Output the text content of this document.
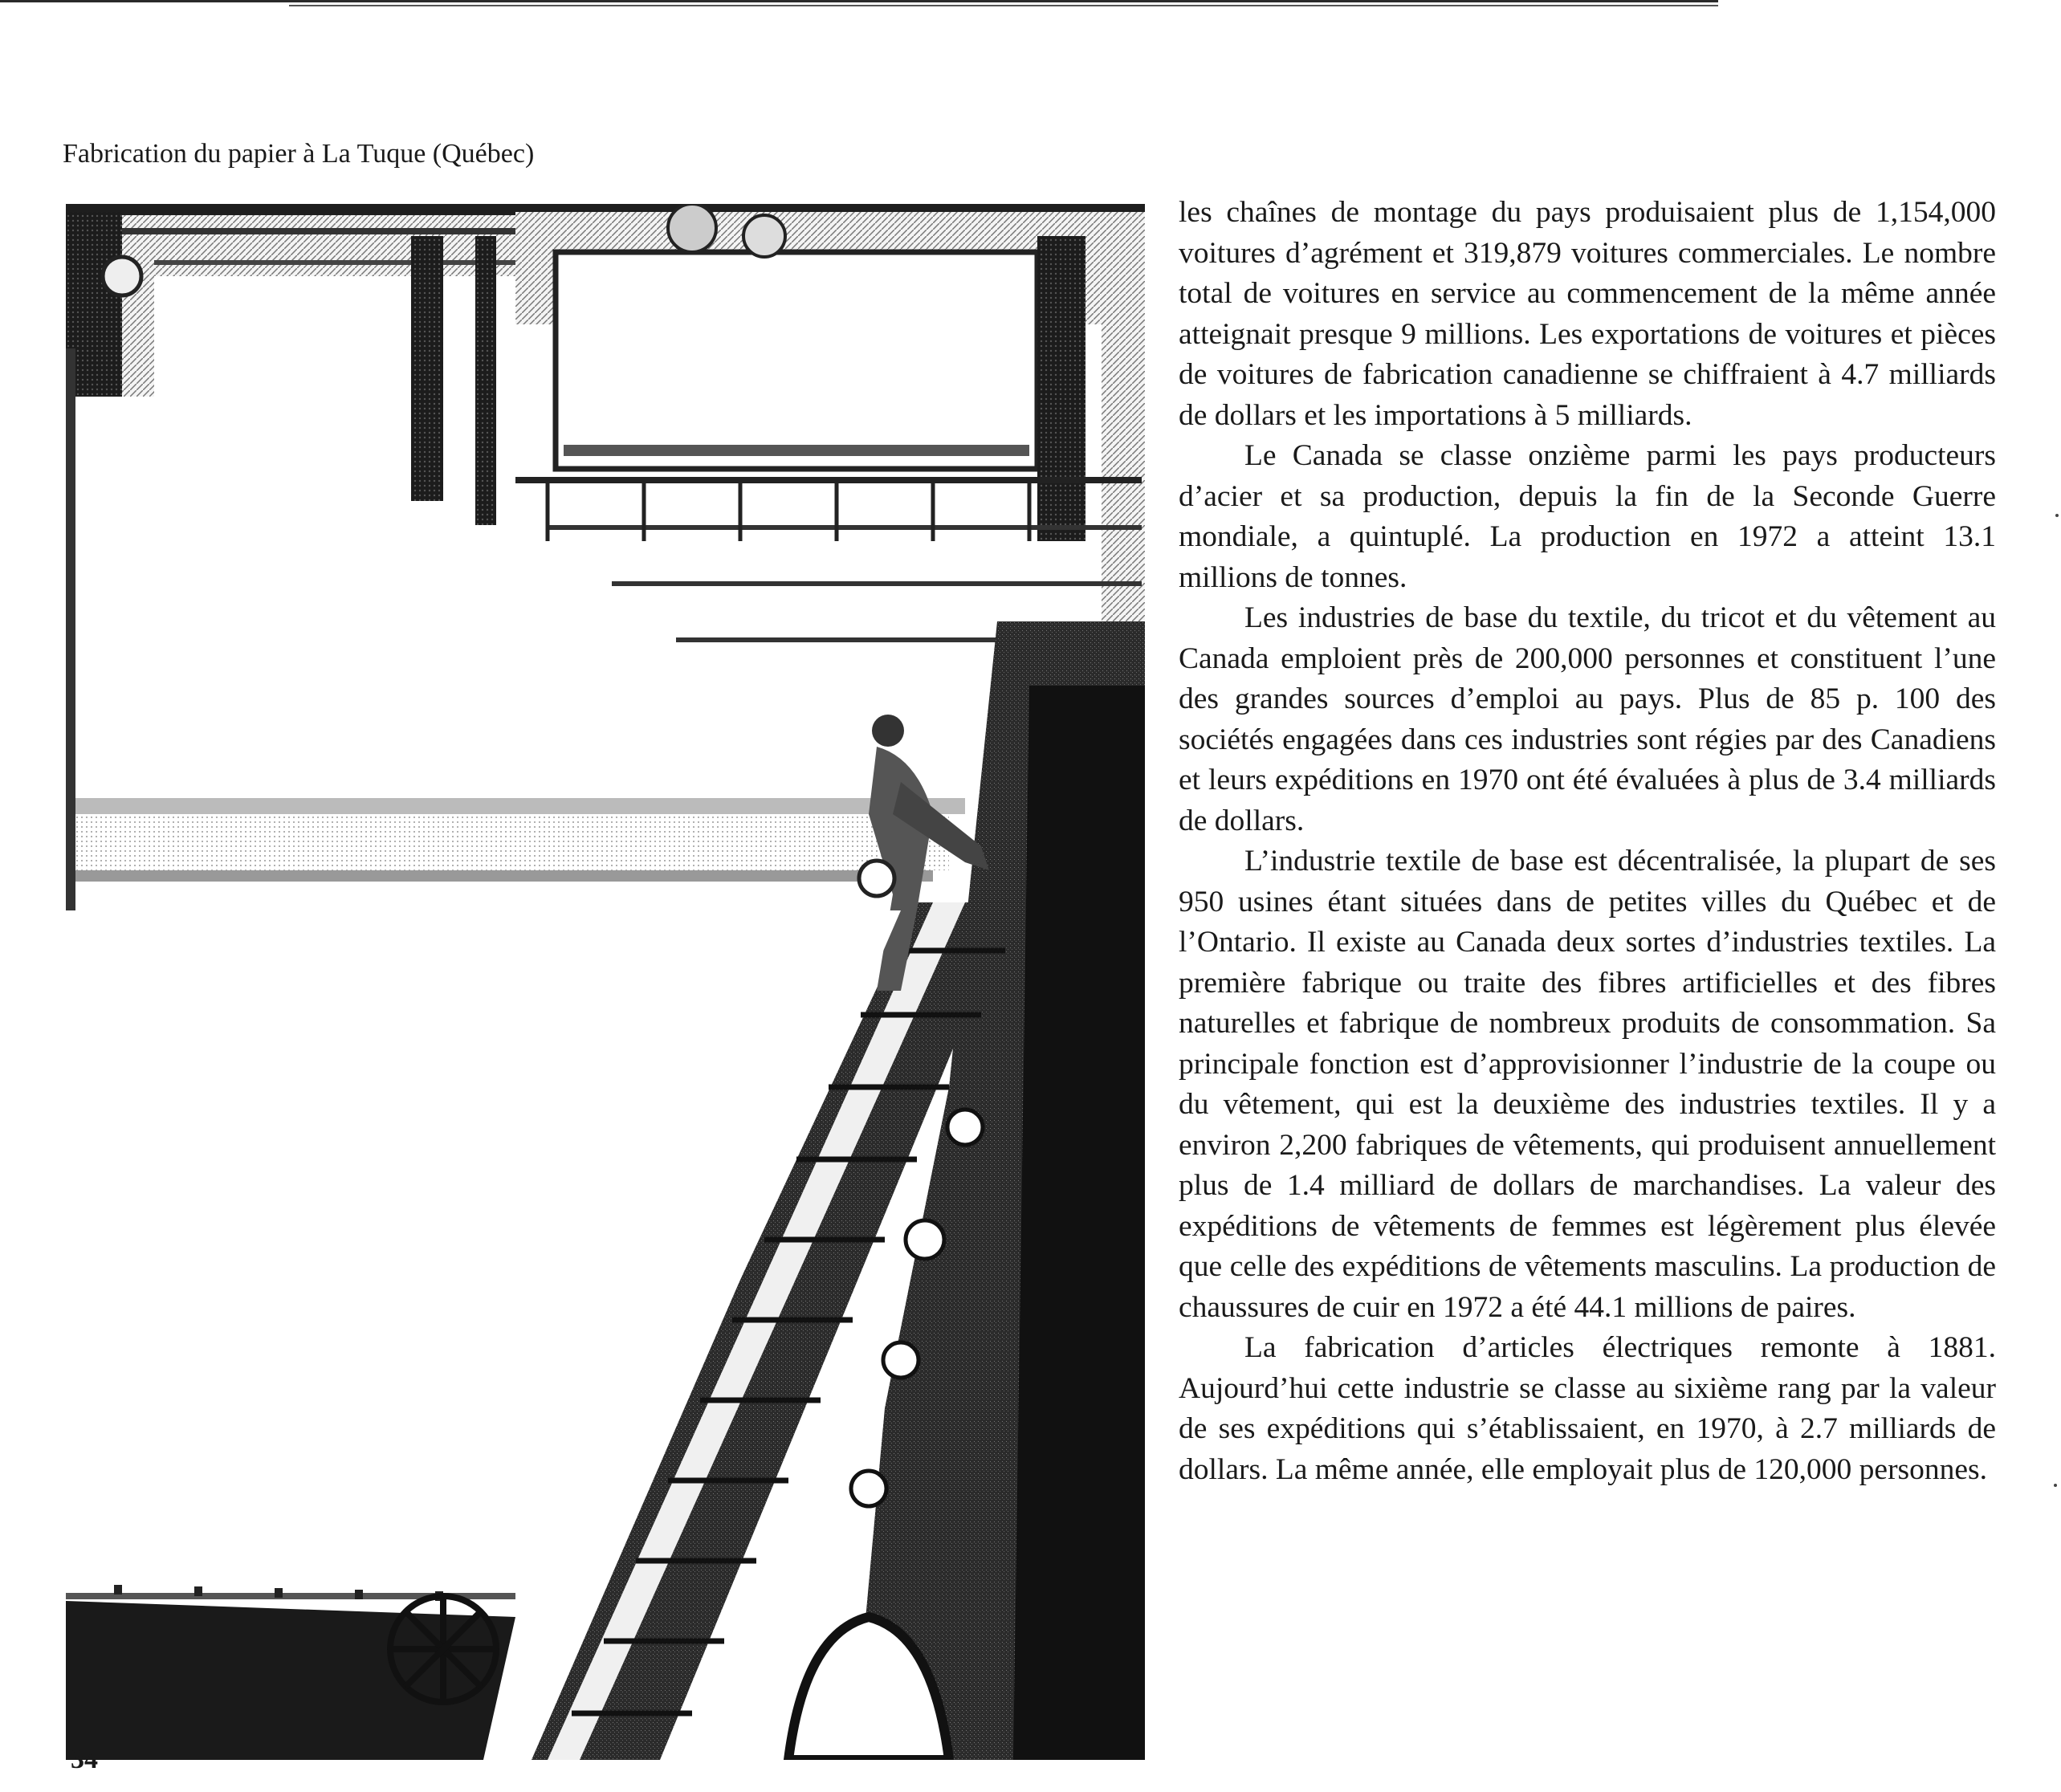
Fabrication du papier à La Tuque (Québec)

les chaînes de montage du pays produisaient plus de 1,154,000 voitures d’agrément et 319,879 voitures commerciales. Le nombre total de voitures en service au commencement de la même année atteignait presque 9 millions. Les exportations de voitures et pièces de voitures de fabrication canadienne se chiffraient à 4.7 milliards de dollars et les importations à 5 milliards.

Le Canada se classe onzième parmi les pays producteurs d’acier et sa production, depuis la fin de la Seconde Guerre mondiale, a quintuplé. La production en 1972 a atteint 13.1 millions de tonnes.

Les industries de base du textile, du tricot et du vêtement au Canada emploient près de 200,000 personnes et constituent l’une des grandes sources d’emploi au pays. Plus de 85 p. 100 des sociétés engagées dans ces industries sont régies par des Canadiens et leurs expéditions en 1970 ont été évaluées à plus de 3.4 milliards de dollars.

L’industrie textile de base est décentralisée, la plupart de ses 950 usines étant situées dans de petites villes du Québec et de l’Ontario. Il existe au Canada deux sortes d’industries textiles. La première fabrique ou traite des fibres artificielles et des fibres naturelles et fabrique de nombreux produits de consommation. Sa principale fonction est d’approvisionner l’industrie de la coupe ou du vêtement, qui est la deuxième des industries textiles. Il y a environ 2,200 fabriques de vêtements, qui produisent annuellement plus de 1.4 milliard de dollars de marchandises. La valeur des expéditions de vêtements de femmes est légèrement plus élevée que celle des expéditions de vêtements masculins. La production de chaussures de cuir en 1972 a été 44.1 millions de paires.

La fabrication d’articles électriques remonte à 1881. Aujourd’hui cette industrie se classe au sixième rang par la valeur de ses expéditions qui s’établissaient, en 1970, à 2.7 milliards de dollars. La même année, elle employait plus de 120,000 personnes.

34
